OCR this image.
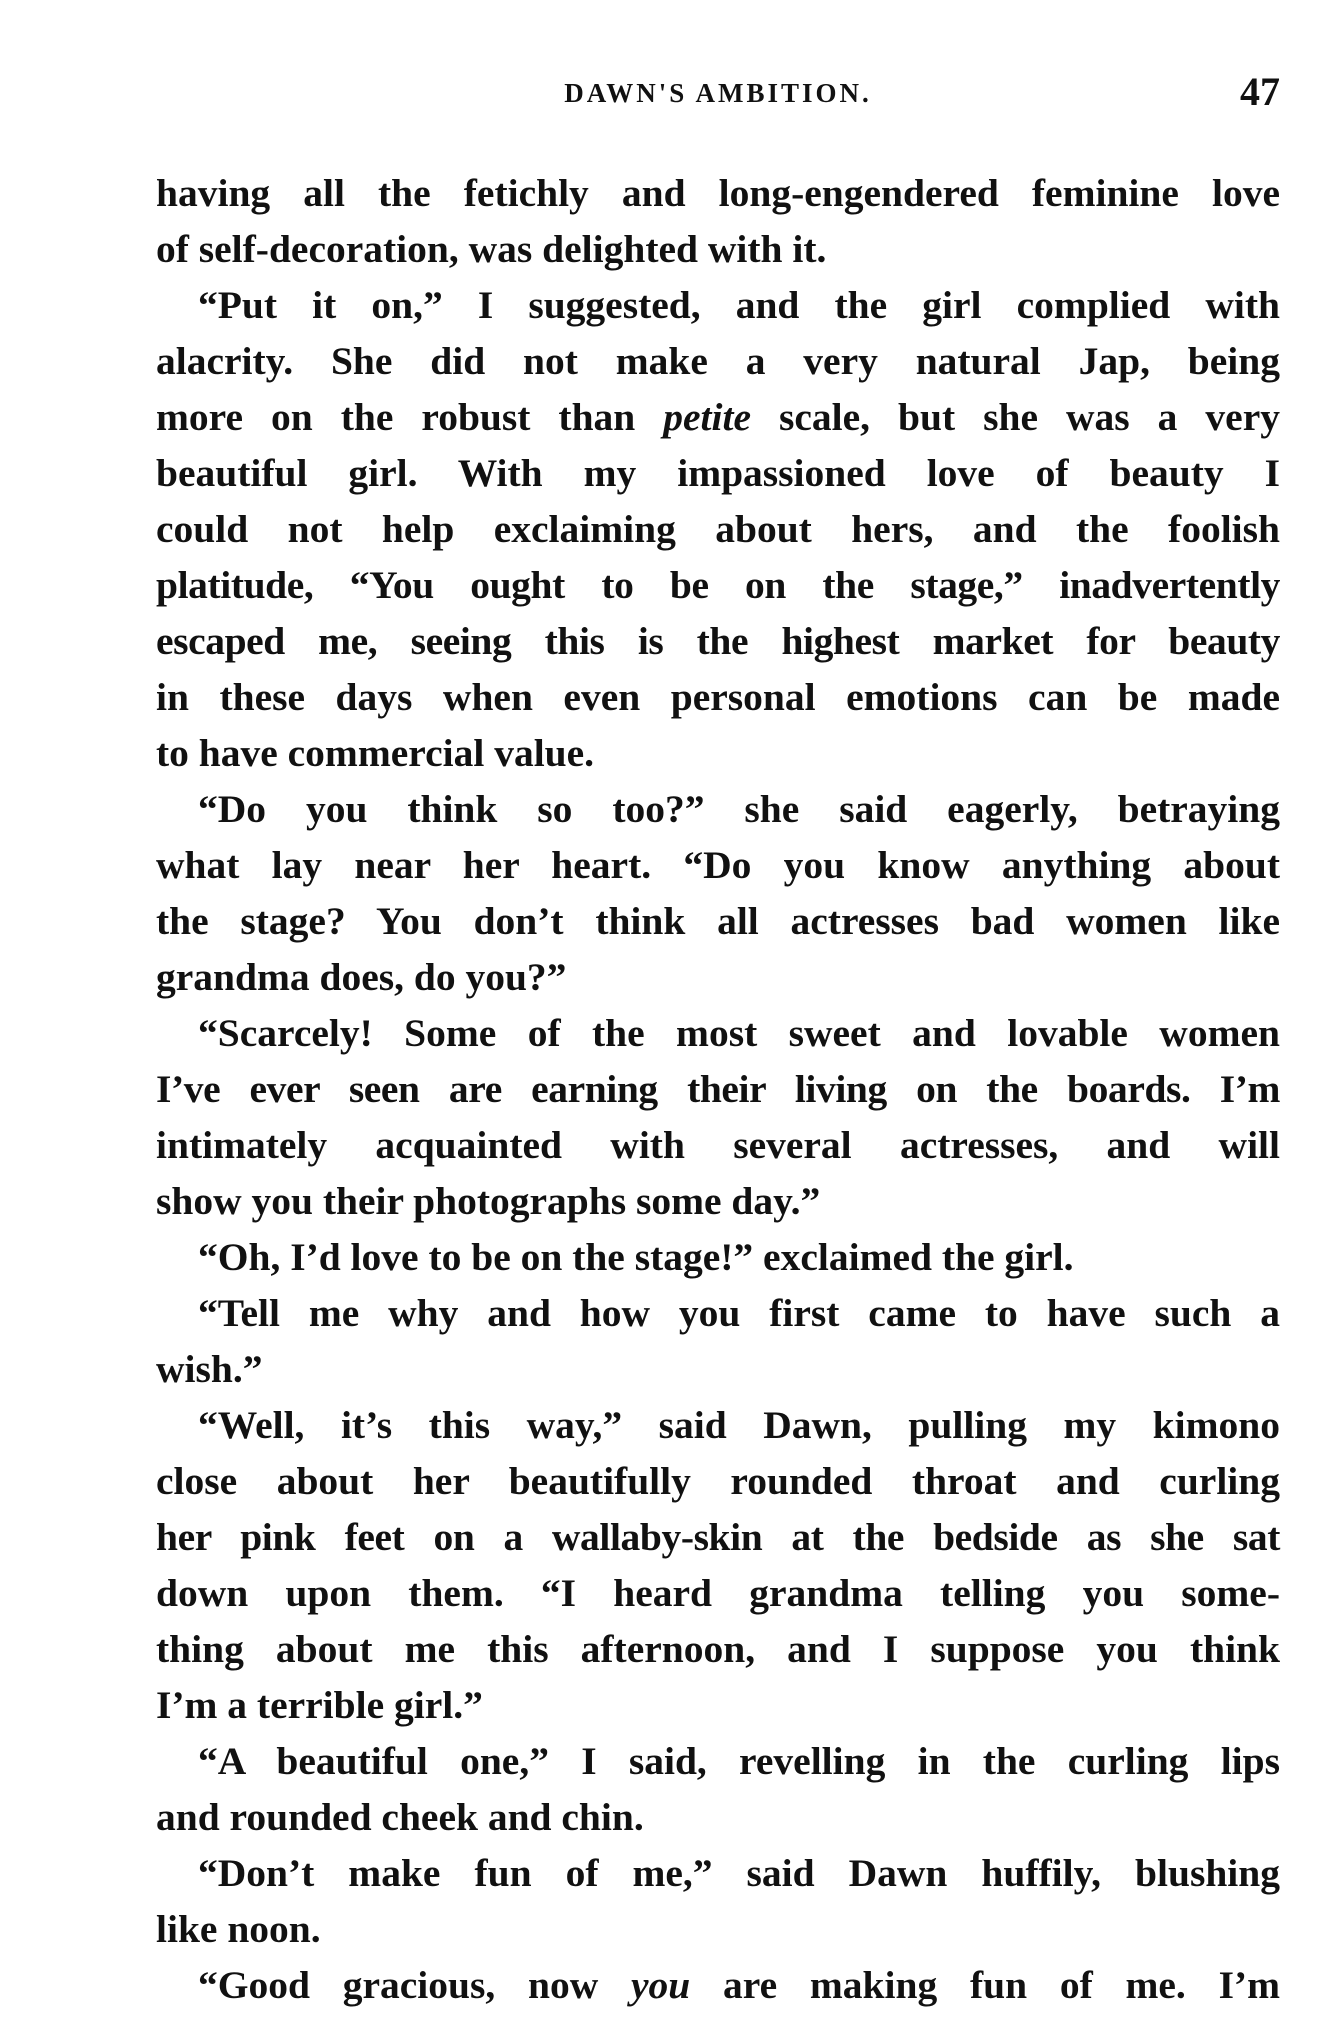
DAWN'S AMBITION.	47

having all the fetichly and long-engendered feminine love
of self-decoration, was delighted with it.

“Put it on,” I suggested, and the girl complied with
alacrity. She did not make a very natural Jap, being
more on the robust than petite scale, but she was a very
beautiful girl. With my impassioned love of beauty I
could not help exclaiming about hers, and the foolish
platitude, “You ought to be on the stage,” inadvertently
escaped me, seeing this is the highest market for beauty
in these days when even personal emotions can be made
to have commercial value.

“Do you think so too?” she said eagerly, betraying
what lay near her heart. “Do you know anything about
the stage? You don’t think all actresses bad women like
grandma does, do you?”

“Scarcely! Some of the most sweet and lovable women
I’ve ever seen are earning their living on the boards. I’m
intimately acquainted with several actresses, and will
show you their photographs some day.”

“Oh, I’d love to be on the stage!” exclaimed the girl.

“Tell me why and how you first came to have such a
wish.”

“Well, it’s this way,” said Dawn, pulling my kimono
close about her beautifully rounded throat and curling
her pink feet on a wallaby-skin at the bedside as she sat
down upon them. “I heard grandma telling you some-
thing about me this afternoon, and I suppose you think
I’m a terrible girl.”

“A beautiful one,” I said, revelling in the curling lips
and rounded cheek and chin.

“Don’t make fun of me,” said Dawn huffily, blushing
like noon.

“Good gracious, now you are making fun of me. I’m
